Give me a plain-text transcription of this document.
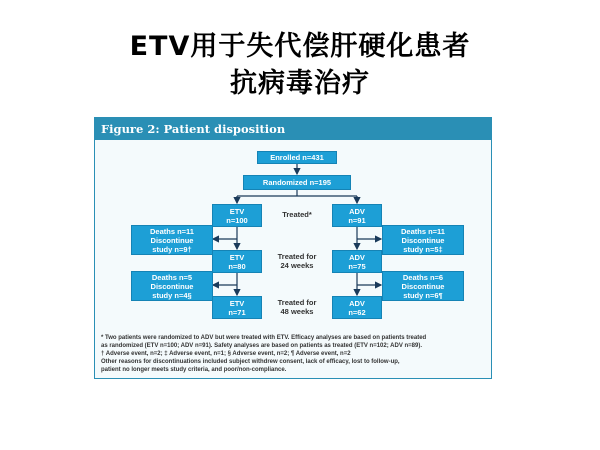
ETV用于失代偿肝硬化患者
抗病毒治疗
Figure 2: Patient disposition
Enrolled n=431
Randomized n=195
ETV
n=100
ETV
n=80
ETV
n=71
Deaths n=11
Discontinue
study n=9†
Deaths n=5
Discontinue
study n=4§
ADV
n=91
ADV
n=75
ADV
n=62
Deaths n=11
Discontinue
study n=5‡
Deaths n=6
Discontinue
study n=6¶
Treated*
Treated for
24 weeks
Treated for
48 weeks
* Two patients were randomized to ADV but were treated with ETV. Efficacy analyses are based on patients treated
as randomized (ETV n=100; ADV n=91). Safety analyses are based on patients as treated (ETV n=102; ADV n=89).
† Adverse event, n=2; ‡ Adverse event, n=1; § Adverse event, n=2; ¶ Adverse event, n=2
Other reasons for discontinuations included subject withdrew consent, lack of efficacy, lost to follow-up,
patient no longer meets study criteria, and poor/non-compliance.
